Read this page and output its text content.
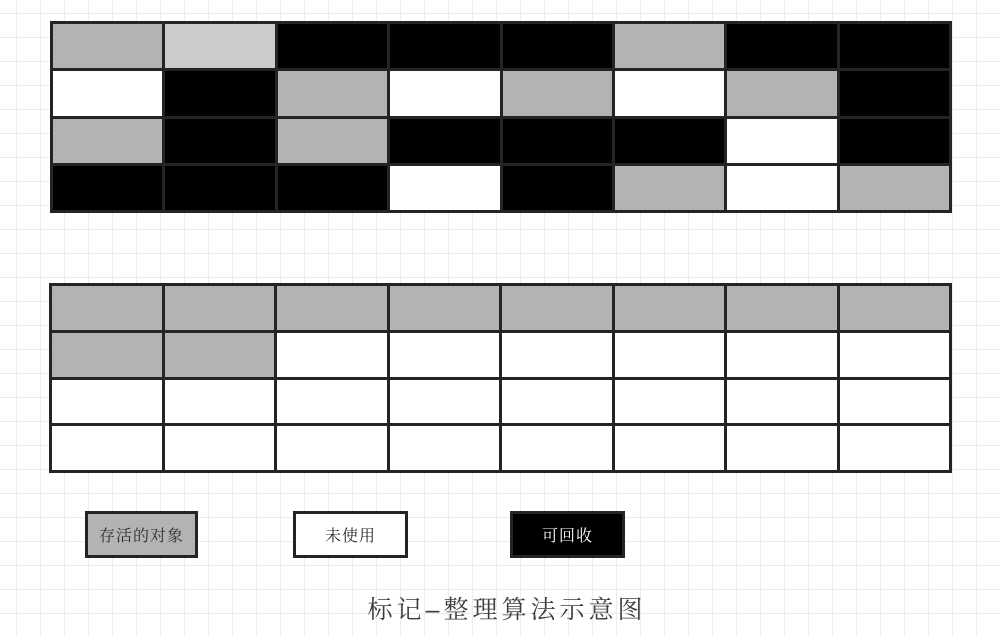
存活的对象	未使用	可回收
标记–整理算法示意图
